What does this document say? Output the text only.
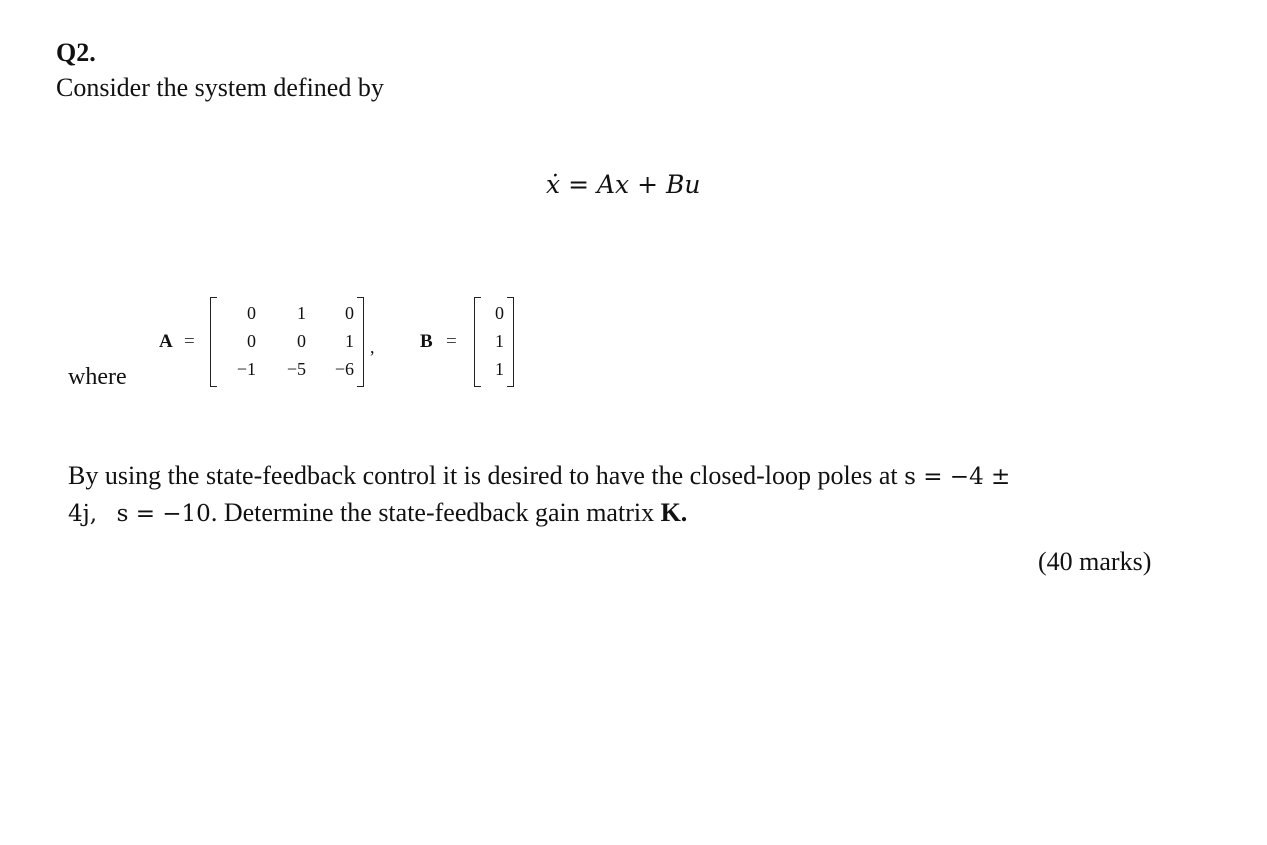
Q2.
Consider the system defined by
ẋ = Ax + Bu
where
A =
0	1	0
0	0	1
−1	−5	−6
, B =
0
1
1
By using the state-feedback control it is desired to have the closed-loop poles at s = −4 ±
4j, s = −10. Determine the state-feedback gain matrix K.
(40 marks)
